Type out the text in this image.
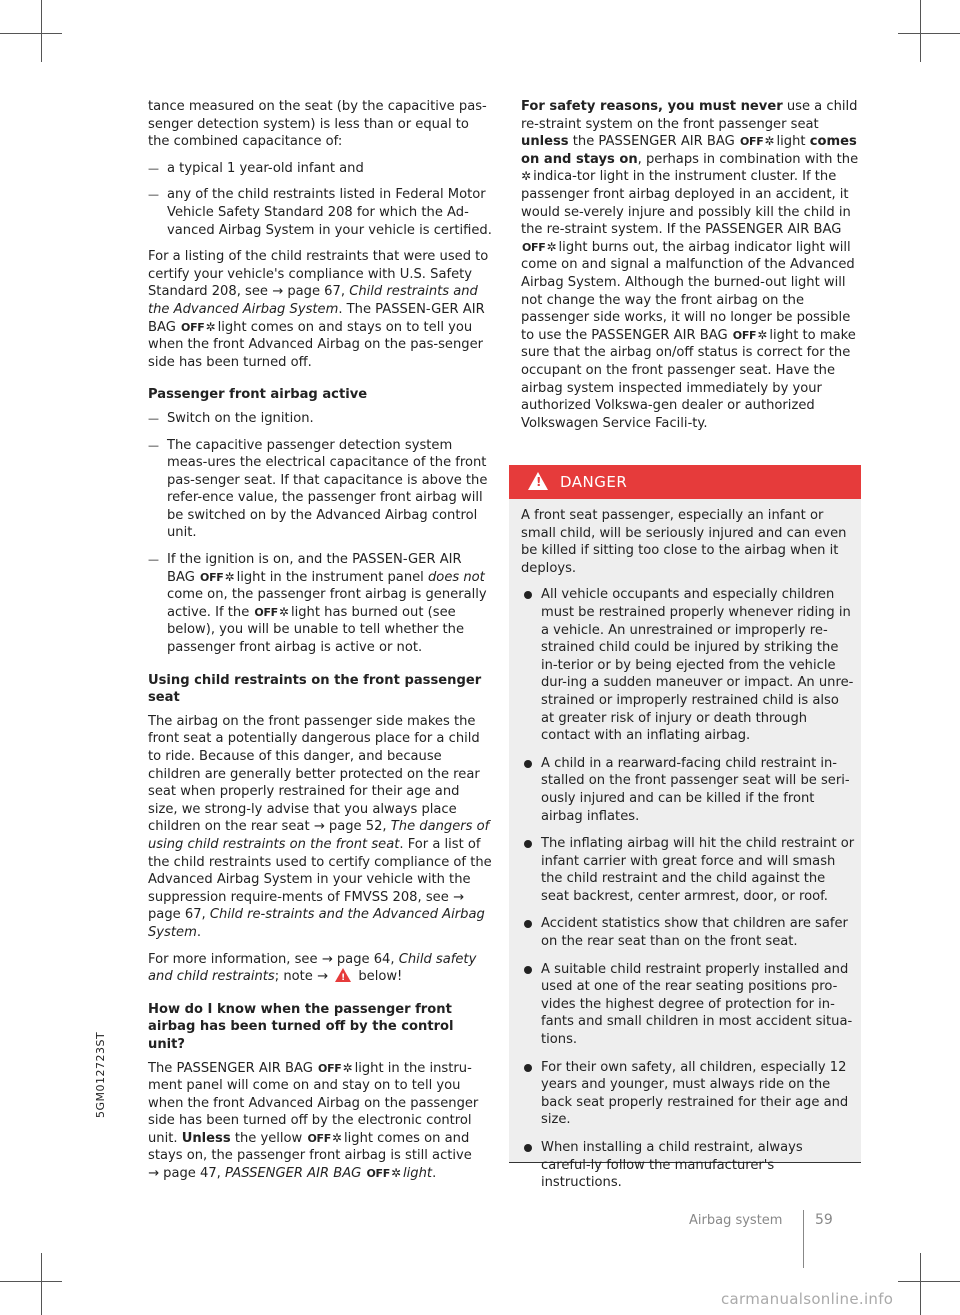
tance measured on the seat (by the capacitive pas-senger detection system) is less than or equal to the combined capacitance of:

— a typical 1 year-old infant and
— any of the child restraints listed in Federal Motor Vehicle Safety Standard 208 for which the Ad-vanced Airbag System in your vehicle is certified.

For a listing of the child restraints that were used to certify your vehicle's compliance with U.S. Safety Standard 208, see → page 67, Child restraints and the Advanced Airbag System. The PASSEN-GER AIR BAG OFF✲ light comes on and stays on to tell you when the front Advanced Airbag on the pas-senger side has been turned off.

Passenger front airbag active
— Switch on the ignition.
— The capacitive passenger detection system meas-ures the electrical capacitance of the front pas-senger seat. If that capacitance is above the refer-ence value, the passenger front airbag will be switched on by the Advanced Airbag control unit.
— If the ignition is on, and the PASSEN-GER AIR BAG OFF✲ light in the instrument panel does not come on, the passenger front airbag is generally active. If the OFF✲ light has burned out (see below), you will be unable to tell whether the passenger front airbag is active or not.
Using child restraints on the front passenger seat

The airbag on the front passenger side makes the front seat a potentially dangerous place for a child to ride. Because of this danger, and because children are generally better protected on the rear seat when properly restrained for their age and size, we strong-ly advise that you always place children on the rear seat → page 52, The dangers of using child restraints on the front seat. For a list of the child restraints used to certify compliance of the Advanced Airbag System in your vehicle with the suppression require-ments of FMVSS 208, see → page 67, Child re-straints and the Advanced Airbag System.

For more information, see → page 64, Child safety and child restraints; note → ! below!

How do I know when the passenger front airbag has been turned off by the control unit?

The PASSENGER AIR BAG OFF✲ light in the instru-ment panel will come on and stay on to tell you when the front Advanced Airbag on the passenger side has been turned off by the electronic control unit. Unless the yellow OFF✲ light comes on and stays on, the passenger front airbag is still active
→ page 47, PASSENGER AIR BAG OFF✲ light.

For safety reasons, you must never use a child re-straint system on the front passenger seat unless the PASSENGER AIR BAG OFF✲ light comes on and stays on, perhaps in combination with the ✲ indica-tor light in the instrument cluster. If the passenger front airbag deployed in an accident, it would se-verely injure and possibly kill the child in the re-straint system. If the PASSENGER AIR BAG OFF✲ light burns out, the airbag indicator light will come on and signal a malfunction of the Advanced Airbag System. Although the burned-out light will not change the way the front airbag on the passenger side works, it will no longer be possible to use the PASSENGER AIR BAG OFF✲ light to make sure that the airbag on/off status is correct for the occupant on the front passenger seat. Have the airbag system inspected immediately by your authorized Volkswa-gen dealer or authorized Volkswagen Service Facili-ty.

! DANGER

A front seat passenger, especially an infant or small child, will be seriously injured and can even be killed if sitting too close to the airbag when it deploys.

All vehicle occupants and especially children must be restrained properly whenever riding in a vehicle. An unrestrained or improperly re-strained child could be injured by striking the in-terior or by being ejected from the vehicle dur-ing a sudden maneuver or impact. An unre-strained or improperly restrained child is also at greater risk of injury or death through contact with an inflating airbag.
A child in a rearward-facing child restraint in-stalled on the front passenger seat will be seri-ously injured and can be killed if the front airbag inflates.
The inflating airbag will hit the child restraint or infant carrier with great force and will smash the child restraint and the child against the seat backrest, center armrest, door, or roof.
Accident statistics show that children are safer on the rear seat than on the front seat.
A suitable child restraint properly installed and used at one of the rear seating positions pro-vides the highest degree of protection for in-fants and small children in most accident situa-tions.
For their own safety, all children, especially 12 years and younger, must always ride on the back seat properly restrained for their age and size.
When installing a child restraint, always careful-ly follow the manufacturer's instructions.
5GM012723ST
Airbag system 59
carmanualsonline.info
